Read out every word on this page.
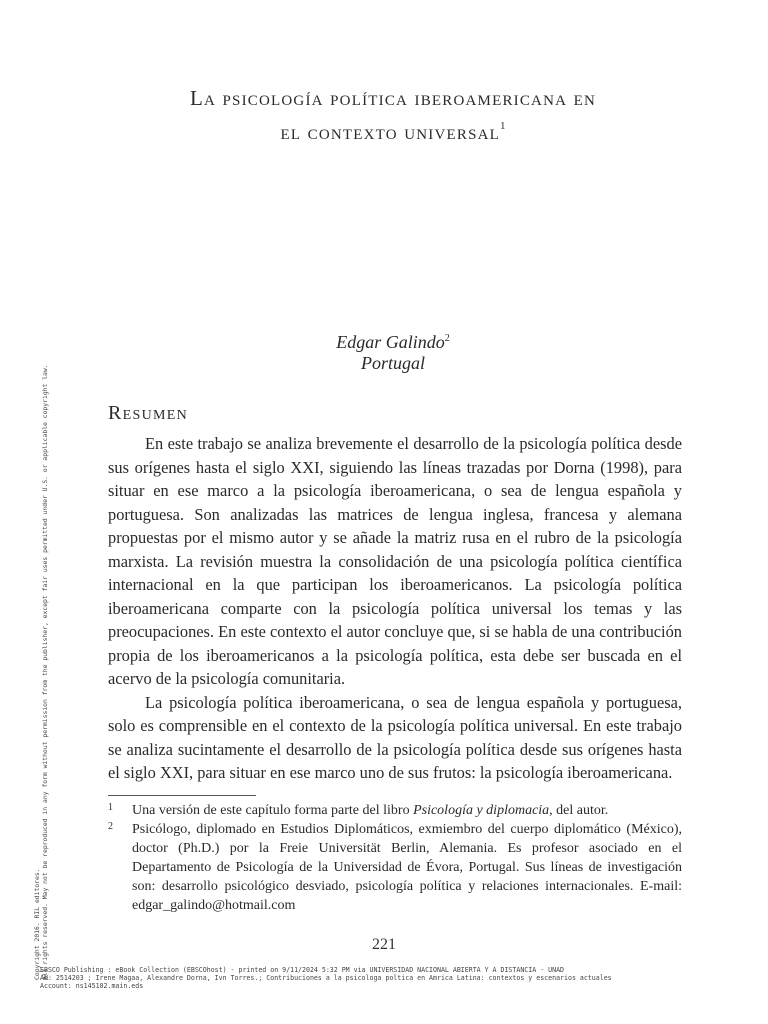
La psicología política iberoamericana en
el contexto universal$^1$
Edgar Galindo$^2$
Portugal
Resumen

En este trabajo se analiza brevemente el desarrollo de la psicología política desde sus orígenes hasta el siglo XXI, siguiendo las líneas trazadas por Dorna (1998), para situar en ese marco a la psicología iberoamericana, o sea de lengua española y portuguesa. Son analizadas las matrices de lengua inglesa, francesa y alemana propuestas por el mismo autor y se añade la matriz rusa en el rubro de la psicología marxista. La revisión muestra la consolidación de una psicología política científica internacional en la que participan los iberoamericanos. La psicología política iberoamericana comparte con la psicología política universal los temas y las preocupaciones. En este contexto el autor concluye que, si se habla de una contribución propia de los iberoamericanos a la psicología política, esta debe ser buscada en el acervo de la psicología comunitaria.

La psicología política iberoamericana, o sea de lengua española y portuguesa, solo es comprensible en el contexto de la psicología política universal. En este trabajo se analiza sucintamente el desarrollo de la psicología política desde sus orígenes hasta el siglo XXI, para situar en ese marco uno de sus frutos: la psicología iberoamericana.

1	Una versión de este capítulo forma parte del libro Psicología y diplomacia, del autor.
2	Psicólogo, diplomado en Estudios Diplomáticos, exmiembro del cuerpo diplomático (México), doctor (Ph.D.) por la Freie Universität Berlin, Alemania. Es profesor asociado en el Departamento de Psicología de la Universidad de Évora, Portugal. Sus líneas de investigación son: desarrollo psicológico desviado, psicología política y relaciones internacionales. E-mail: edgar_galindo@hotmail.com
221
EBSCO Publishing : eBook Collection (EBSCOhost) - printed on 9/11/2024 5:32 PM via UNIVERSIDAD NACIONAL ABIERTA Y A DISTANCIA - UNAD
AN: 2514203 ; Irene Magaa, Alexandre Dorna, Ivn Torres.; Contribuciones a la psicologa poltica en Amrica Latina: contextos y escenarios actuales
Account: ns145102.main.eds
Copyright 2016. RIL editores. All rights reserved. May not be reproduced in any form without permission from the publisher, except fair uses permitted under U.S. or applicable copyright law.
